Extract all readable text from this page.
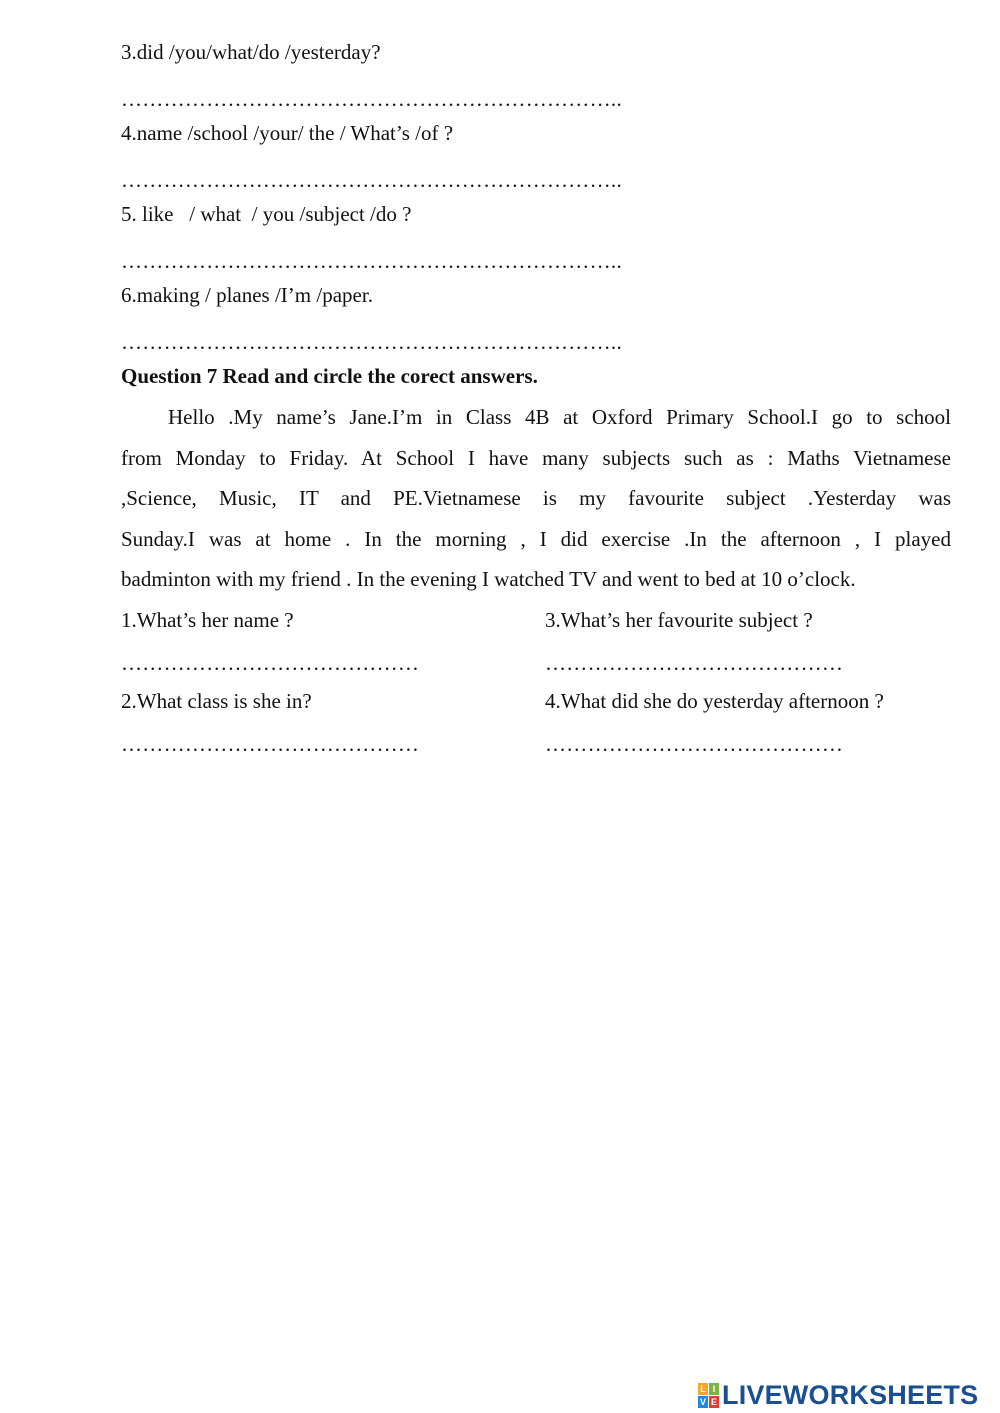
3.did /you/what/do /yesterday?
……………………………………………………………..
4.name /school /your/ the / What’s /of ?
……………………………………………………………..
5. like   / what  / you /subject /do ?
……………………………………………………………..
6.making / planes /I’m /paper.
……………………………………………………………..
Question 7 Read and circle the corect answers.
Hello .My name’s Jane.I’m in Class 4B at Oxford Primary School.I go to school
from Monday to Friday. At School I have many subjects such as : Maths Vietnamese
,Science, Music, IT and PE.Vietnamese is my favourite subject .Yesterday was
Sunday.I was at home . In the morning , I did exercise .In the afternoon , I played
badminton with my friend . In the evening I watched TV and went to bed at 10 o’clock.
1.What’s her name ?
……………………………………
2.What class is she in?
……………………………………
3.What’s her favourite subject ?
……………………………………
4.What did she do yesterday afternoon ?
……………………………………
L I
V E LIVEWORKSHEETS
